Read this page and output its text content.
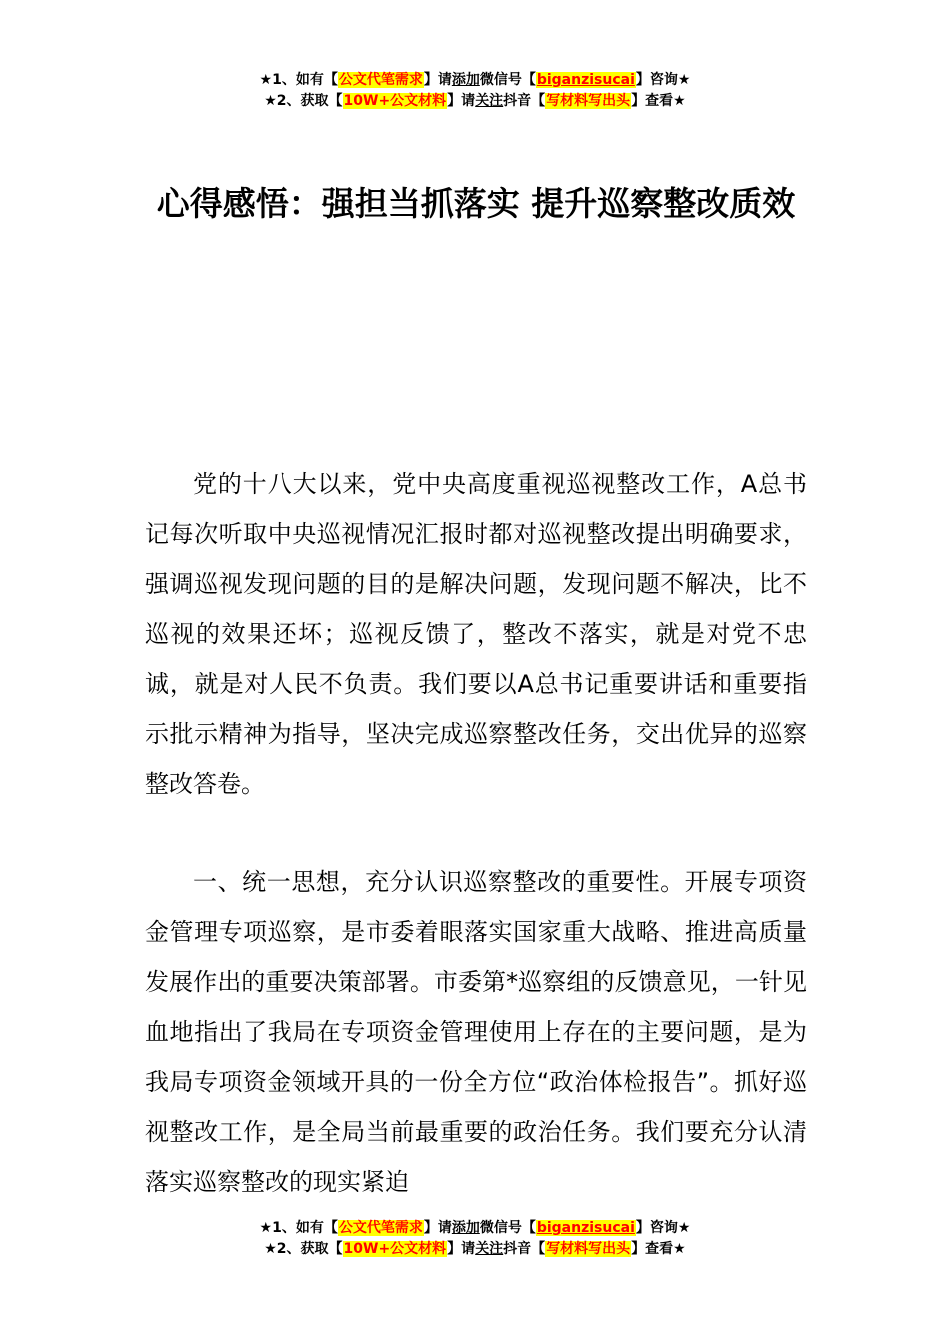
★1、如有【公文代笔需求】请添加微信号【biganzisucai】咨询★
★2、获取【10W+公文材料】请关注抖音【写材料写出头】查看★
心得感悟：强担当抓落实 提升巡察整改质效

党的十八大以来，党中央高度重视巡视整改工作，A总书记每次听取中央巡视情况汇报时都对巡视整改提出明确要求，强调巡视发现问题的目的是解决问题，发现问题不解决，比不巡视的效果还坏；巡视反馈了，整改不落实，就是对党不忠诚，就是对人民不负责。我们要以A总书记重要讲话和重要指示批示精神为指导，坚决完成巡察整改任务，交出优异的巡察整改答卷。

一、统一思想，充分认识巡察整改的重要性。开展专项资金管理专项巡察，是市委着眼落实国家重大战略、推进高质量发展作出的重要决策部署。市委第*巡察组的反馈意见，一针见血地指出了我局在专项资金管理使用上存在的主要问题，是为我局专项资金领域开具的一份全方位“政治体检报告”。抓好巡视整改工作，是全局当前最重要的政治任务。我们要充分认清落实巡察整改的现实紧迫

★1、如有【公文代笔需求】请添加微信号【biganzisucai】咨询★
★2、获取【10W+公文材料】请关注抖音【写材料写出头】查看★
